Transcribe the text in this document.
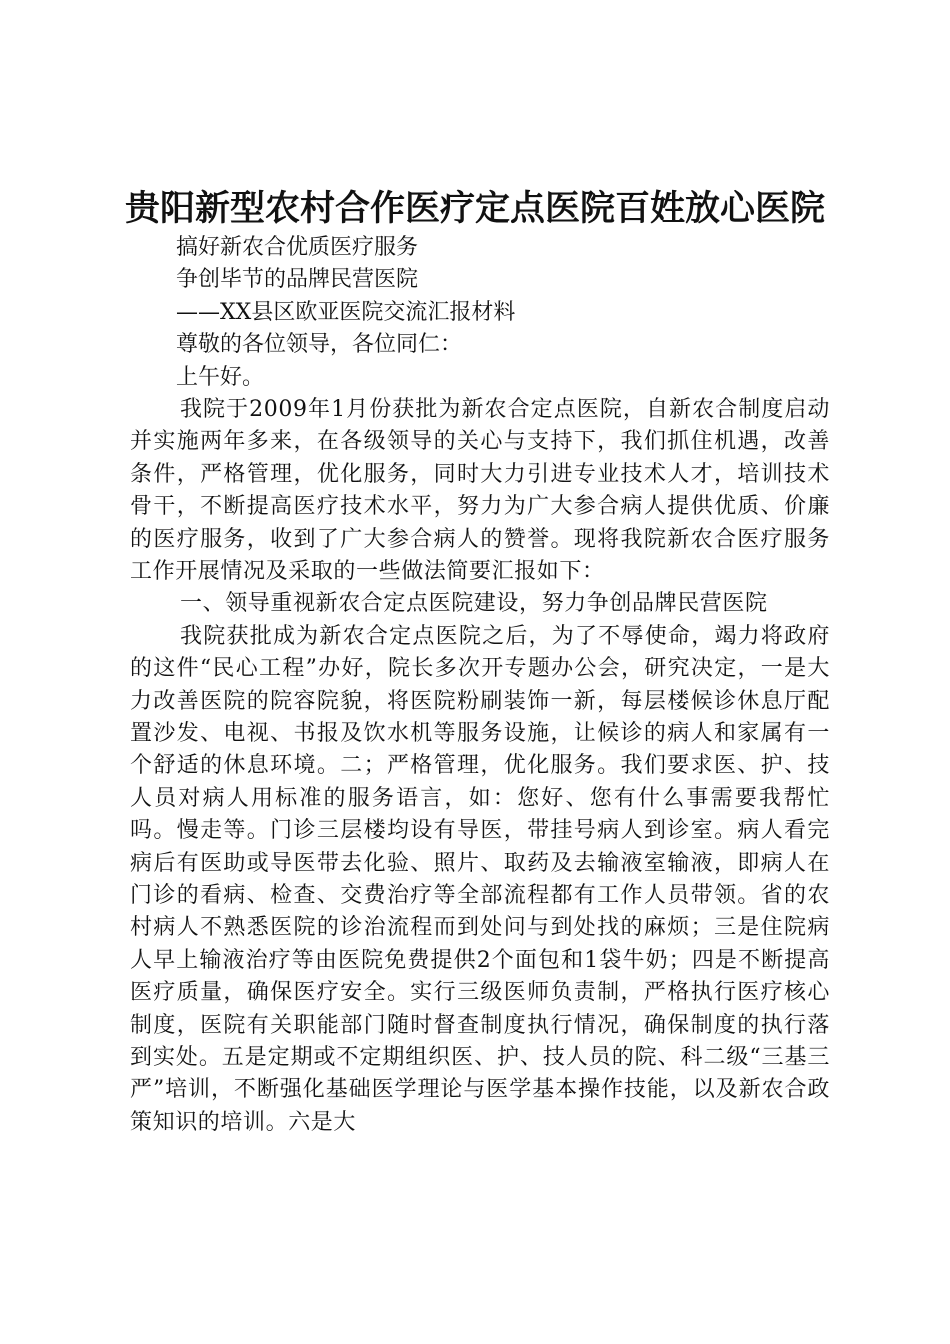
贵阳新型农村合作医疗定点医院百姓放心医院
搞好新农合优质医疗服务
争创毕节的品牌民营医院
——XX县区欧亚医院交流汇报材料
尊敬的各位领导，各位同仁：
上午好。

我院于2009年1月份获批为新农合定点医院，自新农合制度启动并实施两年多来，在各级领导的关心与支持下，我们抓住机遇，改善条件，严格管理，优化服务，同时大力引进专业技术人才，培训技术骨干，不断提高医疗技术水平，努力为广大参合病人提供优质、价廉的医疗服务，收到了广大参合病人的赞誉。现将我院新农合医疗服务工作开展情况及采取的一些做法简要汇报如下：

一、领导重视新农合定点医院建设，努力争创品牌民营医院

我院获批成为新农合定点医院之后，为了不辱使命，竭力将政府的这件“民心工程”办好，院长多次开专题办公会，研究决定，一是大力改善医院的院容院貌，将医院粉刷装饰一新，每层楼候诊休息厅配置沙发、电视、书报及饮水机等服务设施，让候诊的病人和家属有一个舒适的休息环境。二；严格管理，优化服务。我们要求医、护、技人员对病人用标准的服务语言，如：您好、您有什么事需要我帮忙吗。慢走等。门诊三层楼均设有导医，带挂号病人到诊室。病人看完病后有医助或导医带去化验、照片、取药及去输液室输液，即病人在门诊的看病、检查、交费治疗等全部流程都有工作人员带领。省的农村病人不熟悉医院的诊治流程而到处问与到处找的麻烦；三是住院病人早上输液治疗等由医院免费提供2个面包和1袋牛奶；四是不断提高医疗质量，确保医疗安全。实行三级医师负责制，严格执行医疗核心制度，医院有关职能部门随时督查制度执行情况，确保制度的执行落到实处。五是定期或不定期组织医、护、技人员的院、科二级“三基三严”培训，不断强化基础医学理论与医学基本操作技能，以及新农合政策知识的培训。六是大
